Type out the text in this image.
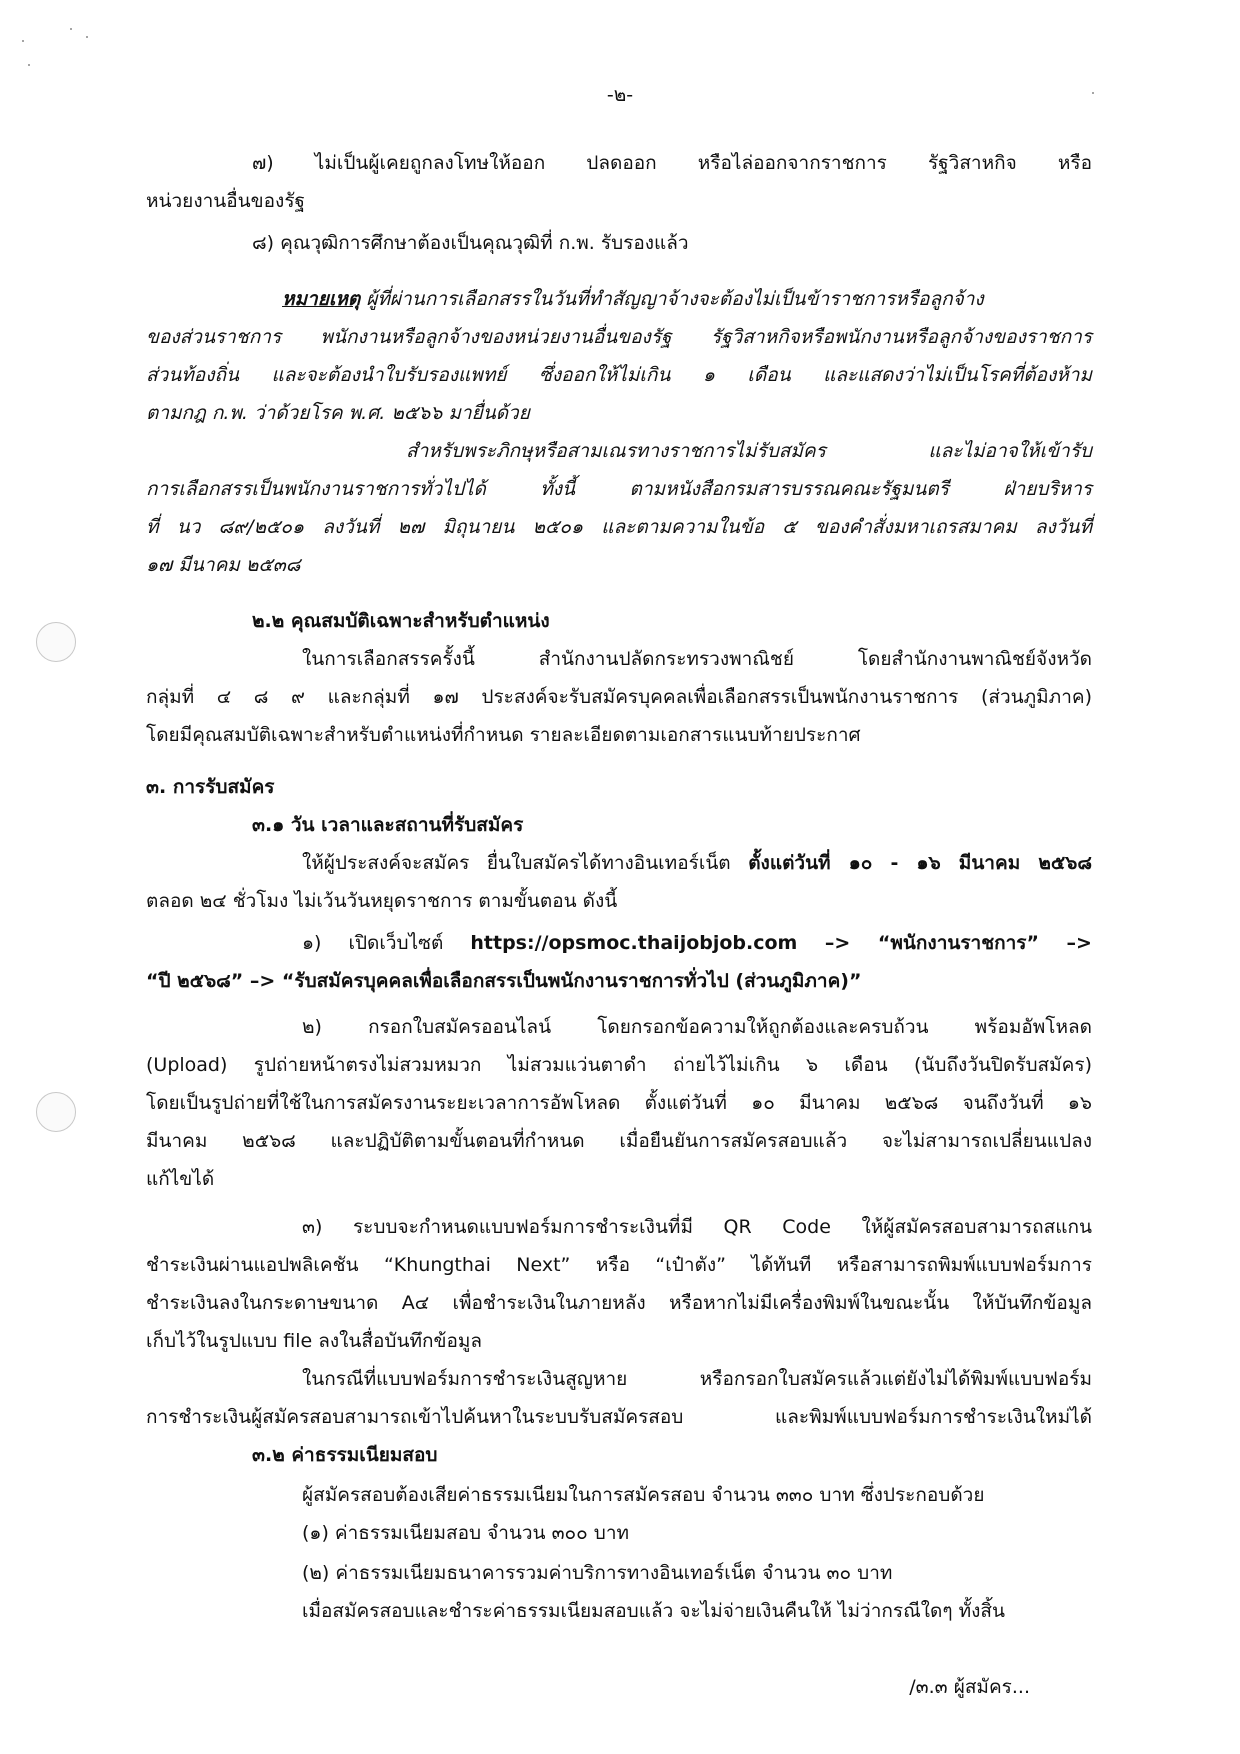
-๒-
๗) ไม่เป็นผู้เคยถูกลงโทษให้ออก ปลดออก หรือไล่ออกจากราชการ รัฐวิสาหกิจ หรือ
หน่วยงานอื่นของรัฐ
๘) คุณวุฒิการศึกษาต้องเป็นคุณวุฒิที่ ก.พ. รับรองแล้ว
หมายเหตุ ผู้ที่ผ่านการเลือกสรรในวันที่ทำสัญญาจ้างจะต้องไม่เป็นข้าราชการหรือลูกจ้าง
ของส่วนราชการ พนักงานหรือลูกจ้างของหน่วยงานอื่นของรัฐ รัฐวิสาหกิจหรือพนักงานหรือลูกจ้างของราชการ
ส่วนท้องถิ่น และจะต้องนำใบรับรองแพทย์ ซึ่งออกให้ไม่เกิน ๑ เดือน และแสดงว่าไม่เป็นโรคที่ต้องห้าม
ตามกฎ ก.พ. ว่าด้วยโรค พ.ศ. ๒๕๖๖ มายื่นด้วย
สำหรับพระภิกษุหรือสามเณรทางราชการไม่รับสมัคร และไม่อาจให้เข้ารับ
การเลือกสรรเป็นพนักงานราชการทั่วไปได้ ทั้งนี้ ตามหนังสือกรมสารบรรณคณะรัฐมนตรี ฝ่ายบริหาร
ที่ นว ๘๙/๒๕๐๑ ลงวันที่ ๒๗ มิถุนายน ๒๕๐๑ และตามความในข้อ ๕ ของคำสั่งมหาเถรสมาคม ลงวันที่
๑๗ มีนาคม ๒๕๓๘
๒.๒ คุณสมบัติเฉพาะสำหรับตำแหน่ง
ในการเลือกสรรครั้งนี้ สำนักงานปลัดกระทรวงพาณิชย์ โดยสำนักงานพาณิชย์จังหวัด
กลุ่มที่ ๔ ๘ ๙ และกลุ่มที่ ๑๗ ประสงค์จะรับสมัครบุคคลเพื่อเลือกสรรเป็นพนักงานราชการ (ส่วนภูมิภาค)
โดยมีคุณสมบัติเฉพาะสำหรับตำแหน่งที่กำหนด รายละเอียดตามเอกสารแนบท้ายประกาศ
๓. การรับสมัคร
๓.๑ วัน เวลาและสถานที่รับสมัคร
ให้ผู้ประสงค์จะสมัคร ยื่นใบสมัครได้ทางอินเทอร์เน็ต ตั้งแต่วันที่ ๑๐ - ๑๖ มีนาคม ๒๕๖๘
ตลอด ๒๔ ชั่วโมง ไม่เว้นวันหยุดราชการ ตามขั้นตอน ดังนี้
๑) เปิดเว็บไซต์ https://opsmoc.thaijobjob.com –> “พนักงานราชการ” –>
“ปี ๒๕๖๘” –> “รับสมัครบุคคลเพื่อเลือกสรรเป็นพนักงานราชการทั่วไป (ส่วนภูมิภาค)”
๒) กรอกใบสมัครออนไลน์ โดยกรอกข้อความให้ถูกต้องและครบถ้วน พร้อมอัพโหลด
(Upload) รูปถ่ายหน้าตรงไม่สวมหมวก ไม่สวมแว่นตาดำ ถ่ายไว้ไม่เกิน ๖ เดือน (นับถึงวันปิดรับสมัคร)
โดยเป็นรูปถ่ายที่ใช้ในการสมัครงานระยะเวลาการอัพโหลด ตั้งแต่วันที่ ๑๐ มีนาคม ๒๕๖๘ จนถึงวันที่ ๑๖
มีนาคม ๒๕๖๘ และปฏิบัติตามขั้นตอนที่กำหนด เมื่อยืนยันการสมัครสอบแล้ว จะไม่สามารถเปลี่ยนแปลง
แก้ไขได้
๓) ระบบจะกำหนดแบบฟอร์มการชำระเงินที่มี QR Code ให้ผู้สมัครสอบสามารถสแกน
ชำระเงินผ่านแอปพลิเคชัน “Khungthai Next” หรือ “เป๋าตัง” ได้ทันที หรือสามารถพิมพ์แบบฟอร์มการ
ชำระเงินลงในกระดาษขนาด A๔ เพื่อชำระเงินในภายหลัง หรือหากไม่มีเครื่องพิมพ์ในขณะนั้น ให้บันทึกข้อมูล
เก็บไว้ในรูปแบบ file ลงในสื่อบันทึกข้อมูล
ในกรณีที่แบบฟอร์มการชำระเงินสูญหาย หรือกรอกใบสมัครแล้วแต่ยังไม่ได้พิมพ์แบบฟอร์ม
การชำระเงินผู้สมัครสอบสามารถเข้าไปค้นหาในระบบรับสมัครสอบ และพิมพ์แบบฟอร์มการชำระเงินใหม่ได้
๓.๒ ค่าธรรมเนียมสอบ
ผู้สมัครสอบต้องเสียค่าธรรมเนียมในการสมัครสอบ จำนวน ๓๓๐ บาท ซึ่งประกอบด้วย
(๑) ค่าธรรมเนียมสอบ จำนวน ๓๐๐ บาท
(๒) ค่าธรรมเนียมธนาคารรวมค่าบริการทางอินเทอร์เน็ต จำนวน ๓๐ บาท
เมื่อสมัครสอบและชำระค่าธรรมเนียมสอบแล้ว จะไม่จ่ายเงินคืนให้ ไม่ว่ากรณีใดๆ ทั้งสิ้น
/๓.๓ ผู้สมัคร...
